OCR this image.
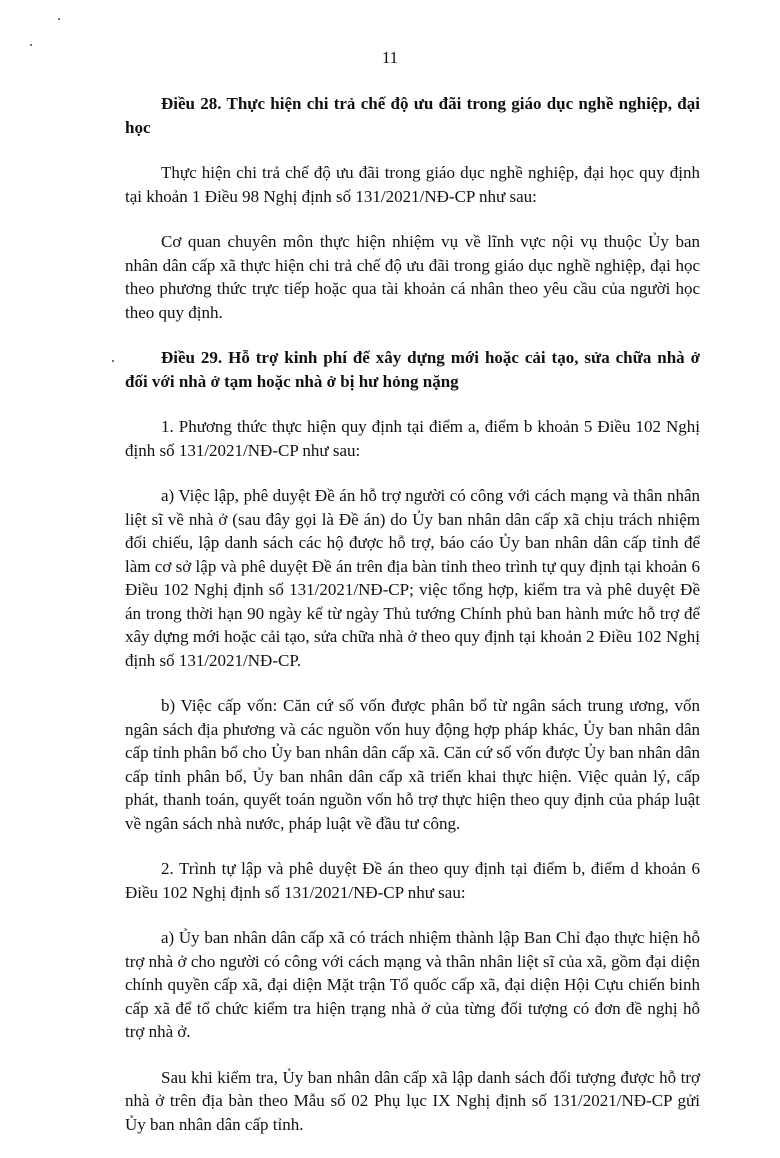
11

Điều 28. Thực hiện chi trả chế độ ưu đãi trong giáo dục nghề nghiệp, đại học

Thực hiện chi trả chế độ ưu đãi trong giáo dục nghề nghiệp, đại học quy định tại khoản 1 Điều 98 Nghị định số 131/2021/NĐ-CP như sau:

Cơ quan chuyên môn thực hiện nhiệm vụ về lĩnh vực nội vụ thuộc Ủy ban nhân dân cấp xã thực hiện chi trả chế độ ưu đãi trong giáo dục nghề nghiệp, đại học theo phương thức trực tiếp hoặc qua tài khoản cá nhân theo yêu cầu của người học theo quy định.

Điều 29. Hỗ trợ kinh phí để xây dựng mới hoặc cải tạo, sửa chữa nhà ở đối với nhà ở tạm hoặc nhà ở bị hư hỏng nặng

1. Phương thức thực hiện quy định tại điểm a, điểm b khoản 5 Điều 102 Nghị định số 131/2021/NĐ-CP như sau:

a) Việc lập, phê duyệt Đề án hỗ trợ người có công với cách mạng và thân nhân liệt sĩ về nhà ở (sau đây gọi là Đề án) do Ủy ban nhân dân cấp xã chịu trách nhiệm đối chiếu, lập danh sách các hộ được hỗ trợ, báo cáo Ủy ban nhân dân cấp tỉnh để làm cơ sở lập và phê duyệt Đề án trên địa bàn tỉnh theo trình tự quy định tại khoản 6 Điều 102 Nghị định số 131/2021/NĐ-CP; việc tổng hợp, kiểm tra và phê duyệt Đề án trong thời hạn 90 ngày kể từ ngày Thủ tướng Chính phủ ban hành mức hỗ trợ để xây dựng mới hoặc cải tạo, sửa chữa nhà ở theo quy định tại khoản 2 Điều 102 Nghị định số 131/2021/NĐ-CP.

b) Việc cấp vốn: Căn cứ số vốn được phân bổ từ ngân sách trung ương, vốn ngân sách địa phương và các nguồn vốn huy động hợp pháp khác, Ủy ban nhân dân cấp tỉnh phân bổ cho Ủy ban nhân dân cấp xã. Căn cứ số vốn được Ủy ban nhân dân cấp tỉnh phân bổ, Ủy ban nhân dân cấp xã triển khai thực hiện. Việc quản lý, cấp phát, thanh toán, quyết toán nguồn vốn hỗ trợ thực hiện theo quy định của pháp luật về ngân sách nhà nước, pháp luật về đầu tư công.

2. Trình tự lập và phê duyệt Đề án theo quy định tại điểm b, điểm d khoản 6 Điều 102 Nghị định số 131/2021/NĐ-CP như sau:

a) Ủy ban nhân dân cấp xã có trách nhiệm thành lập Ban Chỉ đạo thực hiện hỗ trợ nhà ở cho người có công với cách mạng và thân nhân liệt sĩ của xã, gồm đại diện chính quyền cấp xã, đại diện Mặt trận Tổ quốc cấp xã, đại diện Hội Cựu chiến binh cấp xã để tổ chức kiểm tra hiện trạng nhà ở của từng đối tượng có đơn đề nghị hỗ trợ nhà ở.

Sau khi kiểm tra, Ủy ban nhân dân cấp xã lập danh sách đối tượng được hỗ trợ nhà ở trên địa bàn theo Mẫu số 02 Phụ lục IX Nghị định số 131/2021/NĐ-CP gửi Ủy ban nhân dân cấp tỉnh.
